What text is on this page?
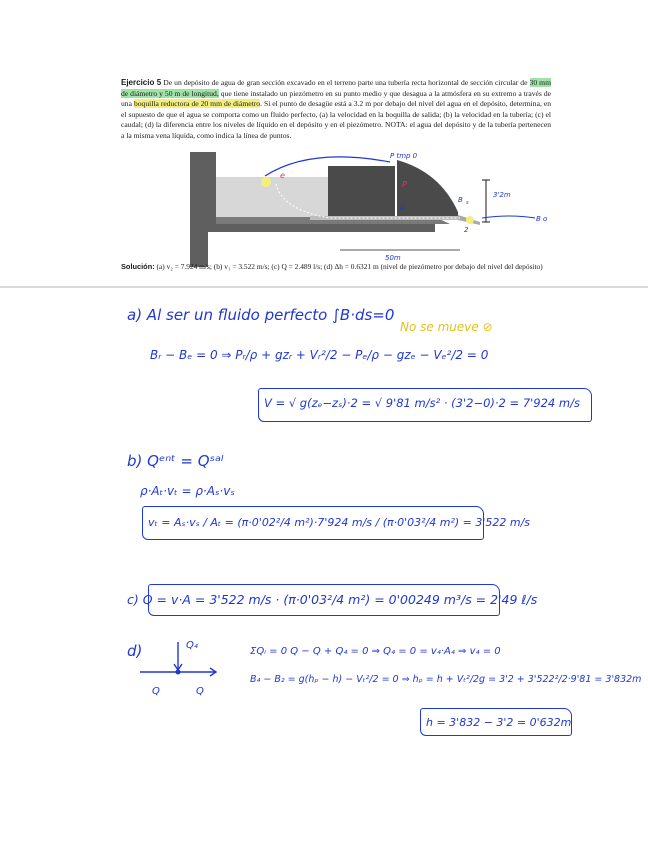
Ejercicio 5 De un depósito de agua de gran sección excavado en el terreno parte una tubería recta horizontal de sección circular de 30 mm de diámetro y 50 m de longitud, que tiene instalado un piezómetro en su punto medio y que desagua a la atmósfera en su extremo a través de una boquilla reductora de 20 mm de diámetro. Si el punto de desagüe está a 3.2 m por debajo del nivel del agua en el depósito, determina, en el supuesto de que el agua se comporta como un fluido perfecto, (a) la velocidad en la boquilla de salida; (b) la velocidad en la tubería; (c) el caudal; (d) la diferencia entre los niveles de líquido en el depósito y en el piezómetro. NOTA: el agua del depósito y de la tubería pertenecen a la misma vena líquida, como indica la línea de puntos.
P tmp 0
e
P
4
B s
3'2m
2
B o
50m
Solución: (a) v₂ = 7.924 m/s; (b) v₁ = 3.522 m/s; (c) Q = 2.489 l/s; (d) Δh = 0.6321 m (nivel de piezómetro por debajo del nivel del depósito)
a) Al ser un fluido perfecto ∫B·ds=0
No se mueve ⊘
Bᵣ − Bₑ = 0 ⇒ Pᵣ/ρ + gzᵣ + Vᵣ²/2 − Pₑ/ρ − gzₑ − Vₑ²/2 = 0
V = √ g(zₑ−zₛ)·2 = √ 9'81 m/s² · (3'2−0)·2 = 7'924 m/s
b) Qᵉⁿᵗ = Qˢᵃˡ
ρ·Aₜ·vₜ = ρ·Aₛ·vₛ
vₜ = Aₛ·vₛ / Aₜ = (π·0'02²/4 m²)·7'924 m/s / (π·0'03²/4 m²) = 3'522 m/s
c) Q = v·A = 3'522 m/s · (π·0'03²/4 m²) = 0'00249 m³/s = 2'49 ℓ/s
d)	Q₄
Q	Q
ΣQᵢ = 0 Q − Q + Q₄ = 0 ⇒ Q₄ = 0 = v₄·A₄ ⇒ v₄ = 0
B₄ − B₂ = g(hₚ − h) − Vₜ²/2 = 0 ⇒ hₚ = h + Vₜ²/2g = 3'2 + 3'522²/2·9'81 = 3'832m
h = 3'832 − 3'2 = 0'632m
